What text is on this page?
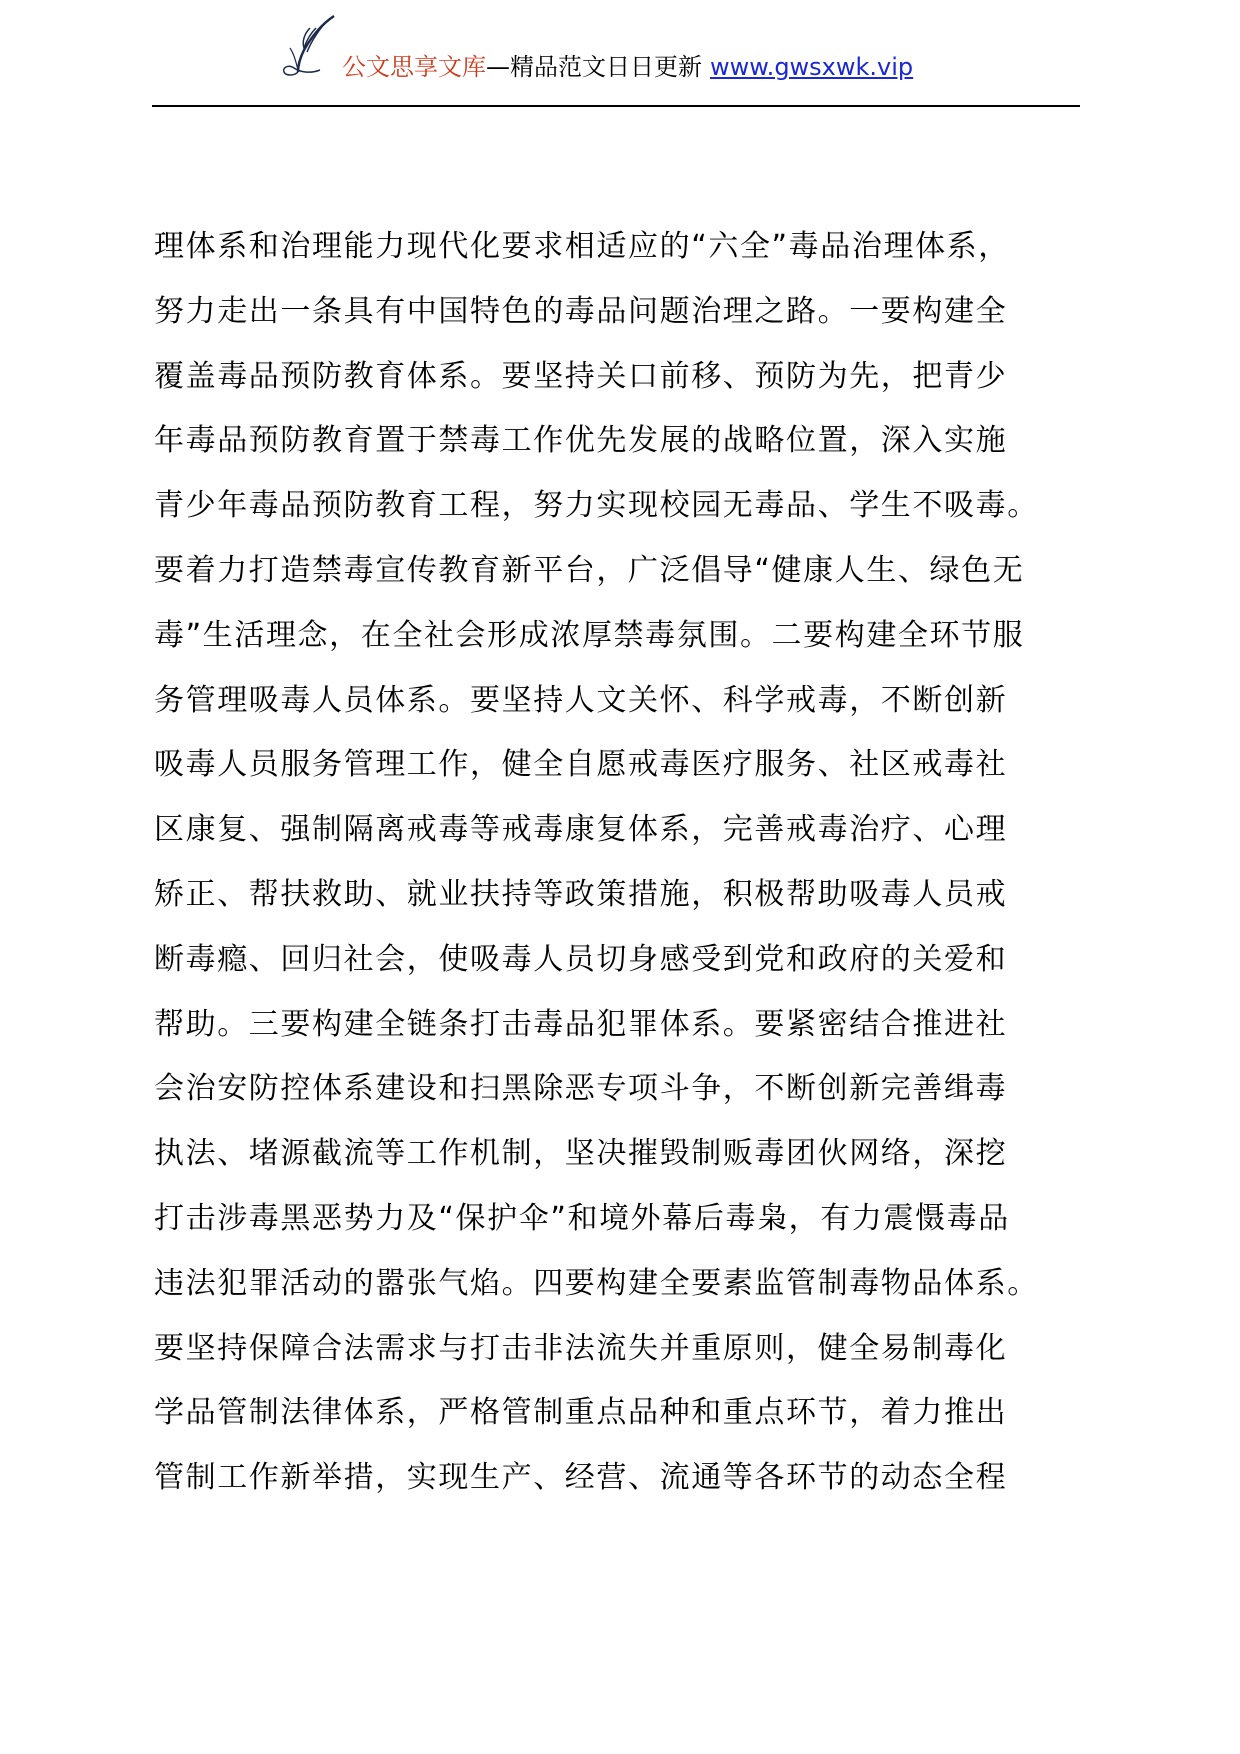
公文思享文库—精品范文日日更新 www.gwsxwk.vip
理体系和治理能力现代化要求相适应的“六全”毒品治理体系，
努力走出一条具有中国特色的毒品问题治理之路。一要构建全
覆盖毒品预防教育体系。要坚持关口前移、预防为先，把青少
年毒品预防教育置于禁毒工作优先发展的战略位置，深入实施
青少年毒品预防教育工程，努力实现校园无毒品、学生不吸毒。
要着力打造禁毒宣传教育新平台，广泛倡导“健康人生、绿色无
毒”生活理念，在全社会形成浓厚禁毒氛围。二要构建全环节服
务管理吸毒人员体系。要坚持人文关怀、科学戒毒，不断创新
吸毒人员服务管理工作，健全自愿戒毒医疗服务、社区戒毒社
区康复、强制隔离戒毒等戒毒康复体系，完善戒毒治疗、心理
矫正、帮扶救助、就业扶持等政策措施，积极帮助吸毒人员戒
断毒瘾、回归社会，使吸毒人员切身感受到党和政府的关爱和
帮助。三要构建全链条打击毒品犯罪体系。要紧密结合推进社
会治安防控体系建设和扫黑除恶专项斗争，不断创新完善缉毒
执法、堵源截流等工作机制，坚决摧毁制贩毒团伙网络，深挖
打击涉毒黑恶势力及“保护伞”和境外幕后毒枭，有力震慑毒品
违法犯罪活动的嚣张气焰。四要构建全要素监管制毒物品体系。
要坚持保障合法需求与打击非法流失并重原则，健全易制毒化
学品管制法律体系，严格管制重点品种和重点环节，着力推出
管制工作新举措，实现生产、经营、流通等各环节的动态全程
